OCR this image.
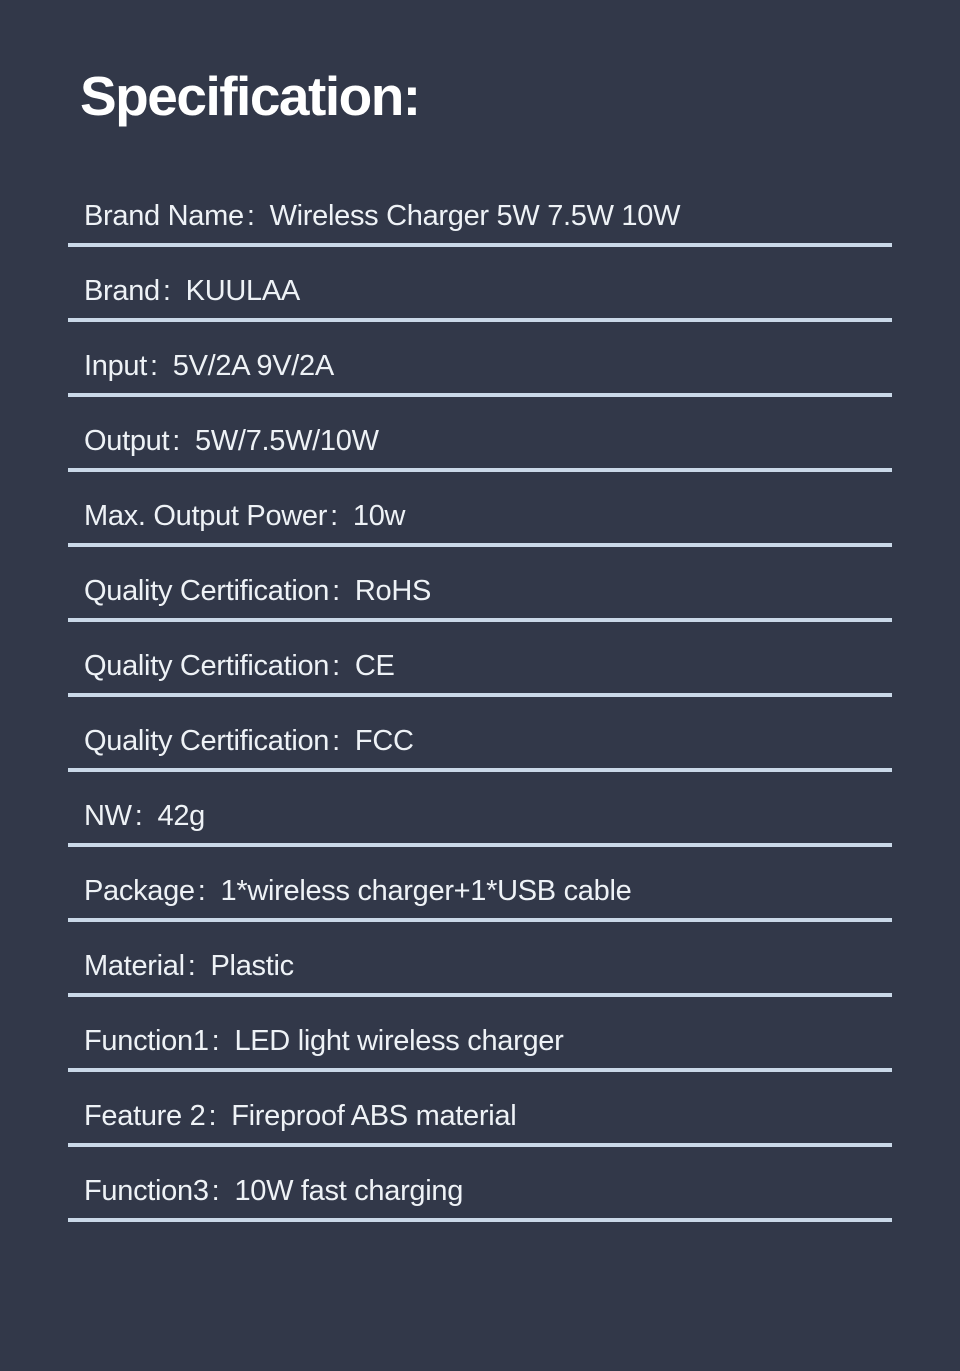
Specification:
Brand Name : Wireless Charger 5W 7.5W 10W
Brand : KUULAA
Input : 5V/2A 9V/2A
Output : 5W/7.5W/10W
Max. Output Power : 10w
Quality Certification : RoHS
Quality Certification : CE
Quality Certification : FCC
NW : 42g
Package : 1*wireless charger+1*USB cable
Material : Plastic
Function1 : LED light wireless charger
Feature 2 : Fireproof ABS material
Function3 : 10W fast charging
